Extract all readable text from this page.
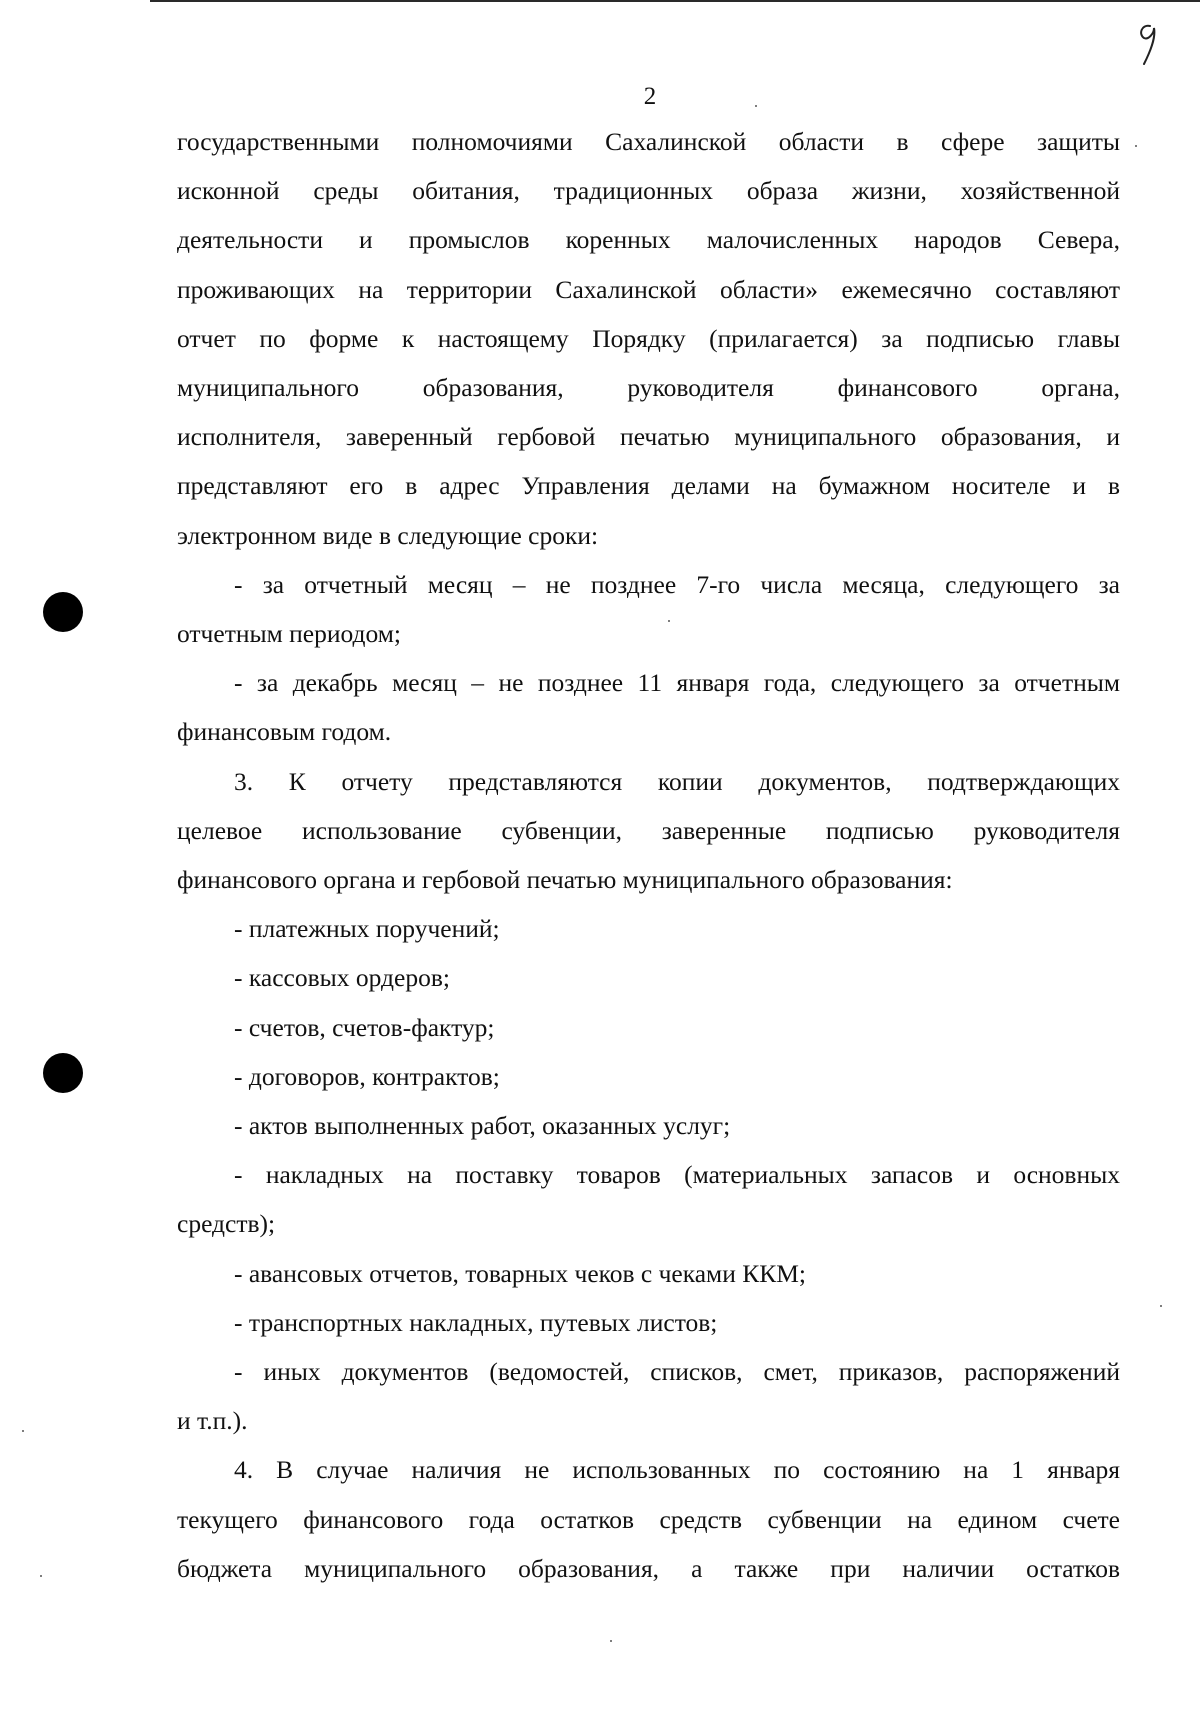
2
государственными полномочиями Сахалинской области в сфере защиты
исконной среды обитания, традиционных образа жизни, хозяйственной
деятельности и промыслов коренных малочисленных народов Севера,
проживающих на территории Сахалинской области» ежемесячно составляют
отчет по форме к настоящему Порядку (прилагается) за подписью главы
муниципального образования, руководителя финансового органа,
исполнителя, заверенный гербовой печатью муниципального образования, и
представляют его в адрес Управления делами на бумажном носителе и в
электронном виде в следующие сроки:
- за отчетный месяц – не позднее 7-го числа месяца, следующего за
отчетным периодом;
- за декабрь месяц – не позднее 11 января года, следующего за отчетным
финансовым годом.
3. К отчету представляются копии документов, подтверждающих
целевое использование субвенции, заверенные подписью руководителя
финансового органа и гербовой печатью муниципального образования:
- платежных поручений;
- кассовых ордеров;
- счетов, счетов-фактур;
- договоров, контрактов;
- актов выполненных работ, оказанных услуг;
- накладных на поставку товаров (материальных запасов и основных
средств);
- авансовых отчетов, товарных чеков с чеками ККМ;
- транспортных накладных, путевых листов;
- иных документов (ведомостей, списков, смет, приказов, распоряжений
и т.п.).
4. В случае наличия не использованных по состоянию на 1 января
текущего финансового года остатков средств субвенции на едином счете
бюджета муниципального образования, а также при наличии остатков
